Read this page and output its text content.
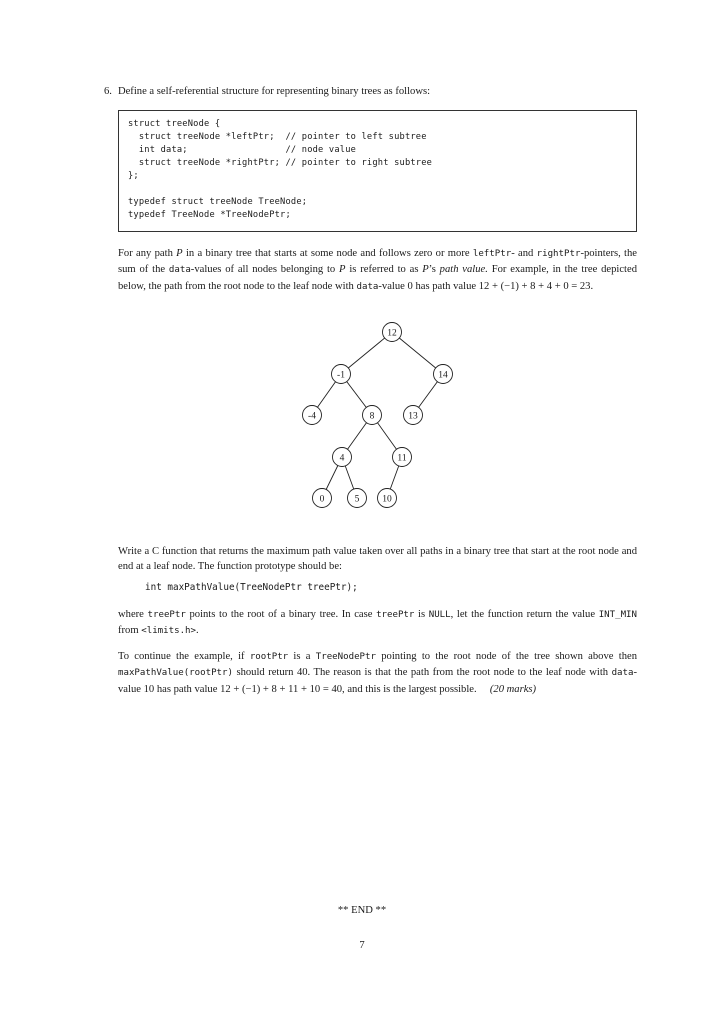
6. Define a self-referential structure for representing binary trees as follows:
struct treeNode {
struct treeNode *leftPtr;  // pointer to left subtree
int data;                  // node value
struct treeNode *rightPtr; // pointer to right subtree
};
typedef struct treeNode TreeNode;
typedef TreeNode *TreeNodePtr;
For any path P in a binary tree that starts at some node and follows zero or more leftPtr- and rightPtr-pointers, the sum of the data-values of all nodes belonging to P is referred to as P’s path value. For example, in the tree depicted below, the path from the root node to the leaf node with data-value 0 has path value 12 + (−1) + 8 + 4 + 0 = 23.
12
-1	14
-4	8	13
4	11
0	5 10
Write a C function that returns the maximum path value taken over all paths in a binary tree that start at the root node and end at a leaf node. The function prototype should be:
int maxPathValue(TreeNodePtr treePtr);
where treePtr points to the root of a binary tree. In case treePtr is NULL, let the function return the value INT_MIN from <limits.h>.
To continue the example, if rootPtr is a TreeNodePtr pointing to the root node of the tree shown above then maxPathValue(rootPtr) should return 40. The reason is that the path from the root node to the leaf node with data-value 10 has path value 12 + (−1) + 8 + 11 + 10 = 40, and this is the largest possible. (20 marks)
** END **
7
